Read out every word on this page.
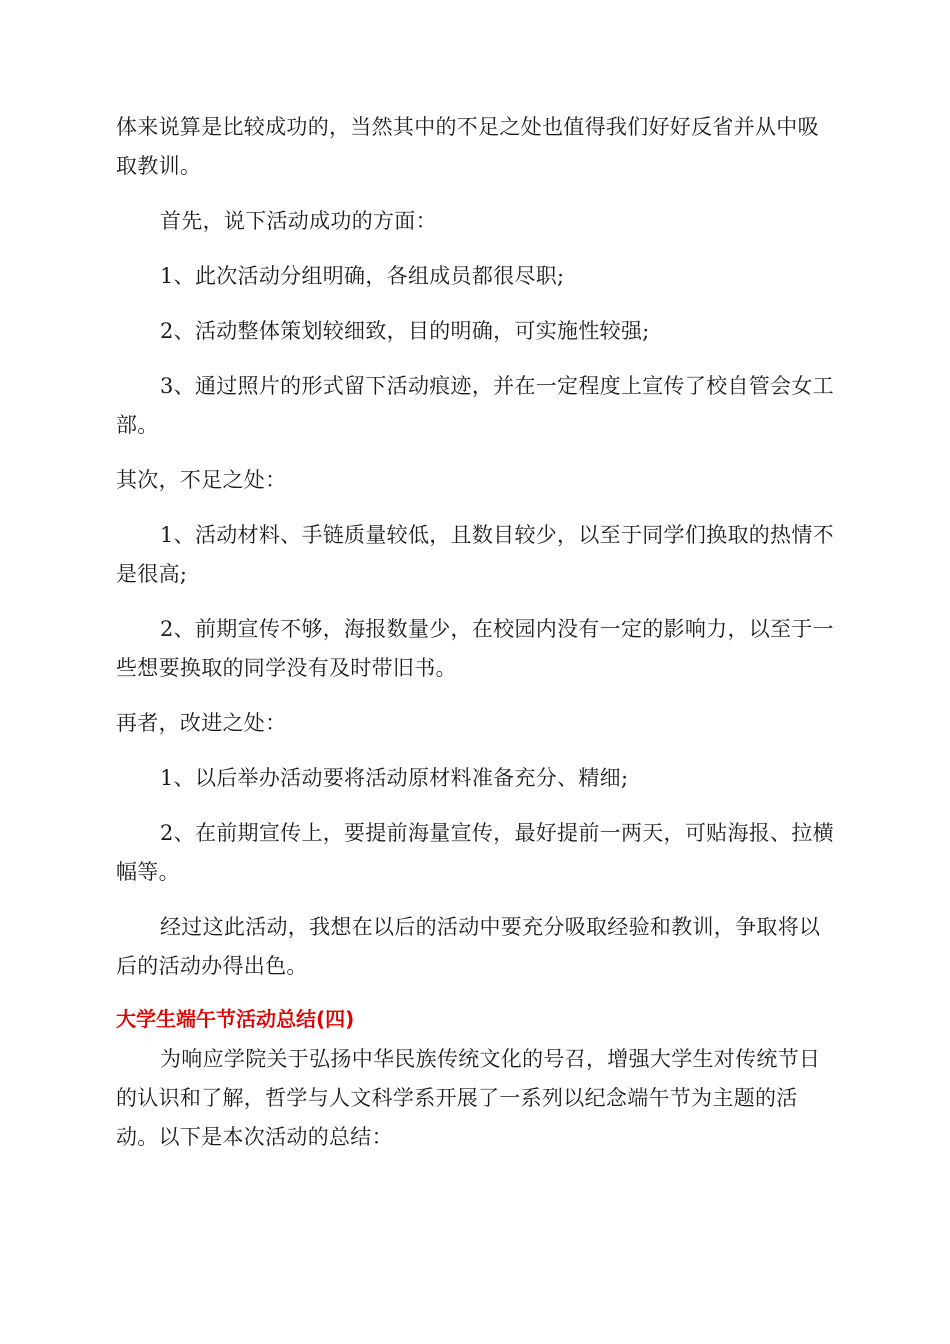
体来说算是比较成功的，当然其中的不足之处也值得我们好好反省并从中吸取教训。

首先，说下活动成功的方面：

1、此次活动分组明确，各组成员都很尽职;

2、活动整体策划较细致，目的明确，可实施性较强;

3、通过照片的形式留下活动痕迹，并在一定程度上宣传了校自管会女工部。

其次，不足之处：

1、活动材料、手链质量较低，且数目较少，以至于同学们换取的热情不是很高;

2、前期宣传不够，海报数量少，在校园内没有一定的影响力，以至于一些想要换取的同学没有及时带旧书。

再者，改进之处：

1、以后举办活动要将活动原材料准备充分、精细;

2、在前期宣传上，要提前海量宣传，最好提前一两天，可贴海报、拉横幅等。

经过这此活动，我想在以后的活动中要充分吸取经验和教训，争取将以后的活动办得出色。

大学生端午节活动总结(四)

为响应学院关于弘扬中华民族传统文化的号召，增强大学生对传统节日的认识和了解，哲学与人文科学系开展了一系列以纪念端午节为主题的活动。以下是本次活动的总结：
